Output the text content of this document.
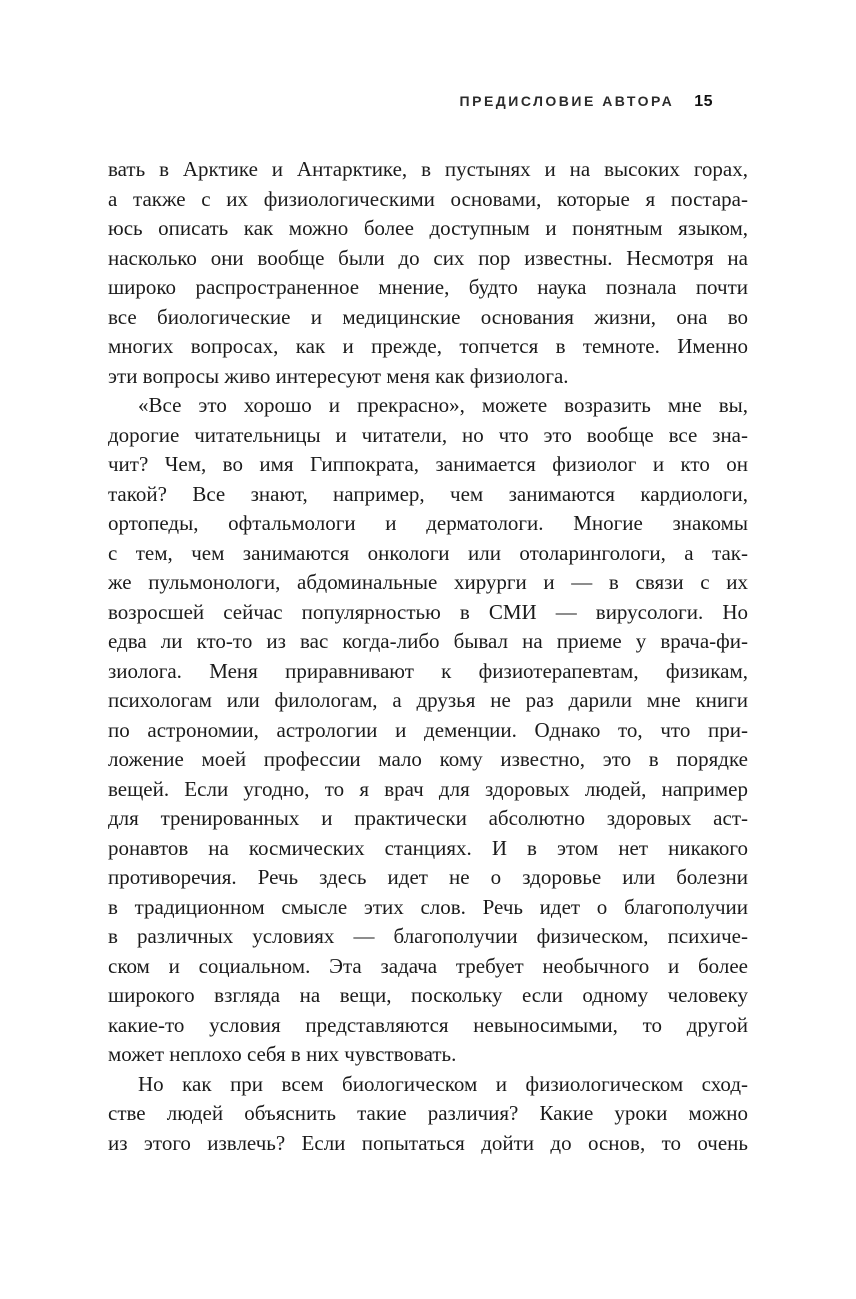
ПРЕДИСЛОВИЕ АВТОРА 15
вать в Арктике и Антарктике, в пустынях и на высоких горах,
а также с их физиологическими основами, которые я постара-
юсь описать как можно более доступным и понятным языком,
насколько они вообще были до сих пор известны. Несмотря на
широко распространенное мнение, будто наука познала почти
все биологические и медицинские основания жизни, она во
многих вопросах, как и прежде, топчется в темноте. Именно
эти вопросы живо интересуют меня как физиолога.
«Все это хорошо и прекрасно», можете возразить мне вы,
дорогие читательницы и читатели, но что это вообще все зна-
чит? Чем, во имя Гиппократа, занимается физиолог и кто он
такой? Все знают, например, чем занимаются кардиологи,
ортопеды, офтальмологи и дерматологи. Многие знакомы
с тем, чем занимаются онкологи или отоларингологи, а так-
же пульмонологи, абдоминальные хирурги и — в связи с их
возросшей сейчас популярностью в СМИ — вирусологи. Но
едва ли кто-то из вас когда-либо бывал на приеме у врача-фи-
зиолога. Меня приравнивают к физиотерапевтам, физикам,
психологам или филологам, а друзья не раз дарили мне книги
по астрономии, астрологии и деменции. Однако то, что при-
ложение моей профессии мало кому известно, это в порядке
вещей. Если угодно, то я врач для здоровых людей, например
для тренированных и практически абсолютно здоровых аст-
ронавтов на космических станциях. И в этом нет никакого
противоречия. Речь здесь идет не о здоровье или болезни
в традиционном смысле этих слов. Речь идет о благополучии
в различных условиях — благополучии физическом, психиче-
ском и социальном. Эта задача требует необычного и более
широкого взгляда на вещи, поскольку если одному человеку
какие-то условия представляются невыносимыми, то другой
может неплохо себя в них чувствовать.
Но как при всем биологическом и физиологическом сход-
стве людей объяснить такие различия? Какие уроки можно
из этого извлечь? Если попытаться дойти до основ, то очень
